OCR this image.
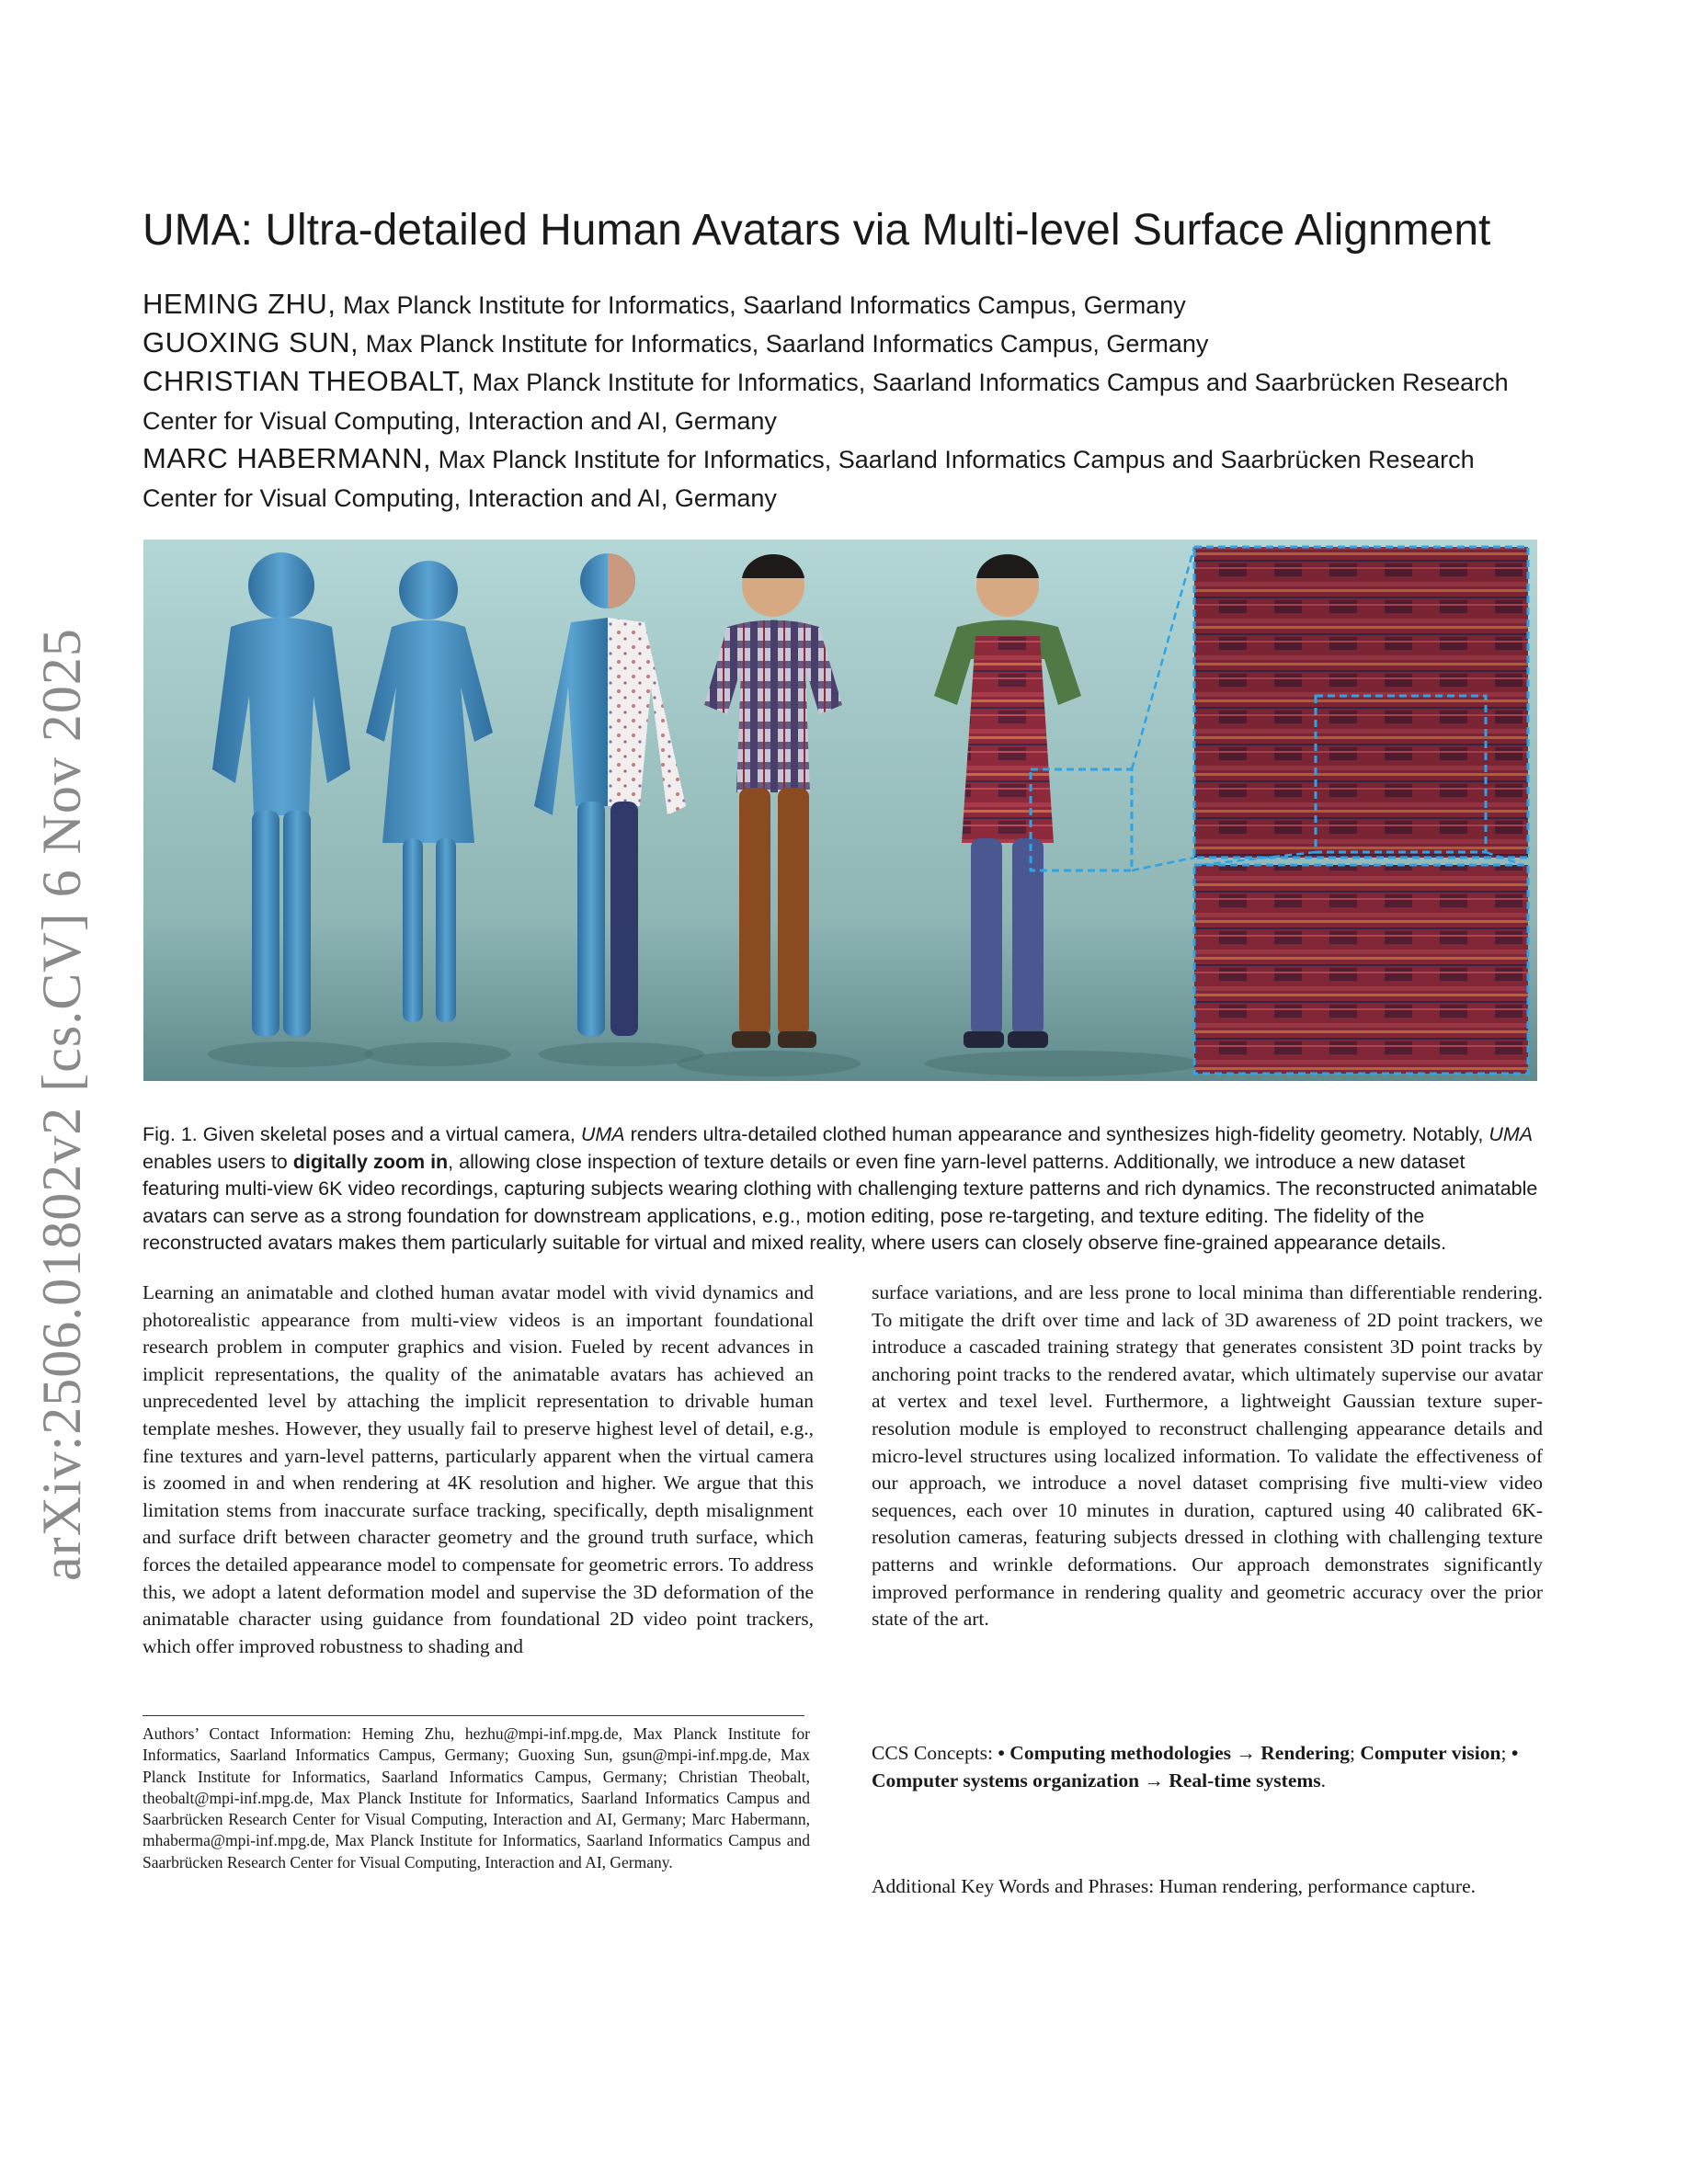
arXiv:2506.01802v2 [cs.CV] 6 Nov 2025
UMA: Ultra-detailed Human Avatars via Multi-level Surface Alignment
HEMING ZHU, Max Planck Institute for Informatics, Saarland Informatics Campus, Germany
GUOXING SUN, Max Planck Institute for Informatics, Saarland Informatics Campus, Germany
CHRISTIAN THEOBALT, Max Planck Institute for Informatics, Saarland Informatics Campus and Saarbrücken Research
Center for Visual Computing, Interaction and AI, Germany
MARC HABERMANN, Max Planck Institute for Informatics, Saarland Informatics Campus and Saarbrücken Research
Center for Visual Computing, Interaction and AI, Germany
Fig. 1. Given skeletal poses and a virtual camera, UMA renders ultra-detailed clothed human appearance and synthesizes high-fidelity geometry. Notably, UMA enables users to digitally zoom in, allowing close inspection of texture details or even fine yarn-level patterns. Additionally, we introduce a new dataset featuring multi-view 6K video recordings, capturing subjects wearing clothing with challenging texture patterns and rich dynamics. The reconstructed animatable avatars can serve as a strong foundation for downstream applications, e.g., motion editing, pose re-targeting, and texture editing. The fidelity of the reconstructed avatars makes them particularly suitable for virtual and mixed reality, where users can closely observe fine-grained appearance details.
Learning an animatable and clothed human avatar model with vivid dynamics and photorealistic appearance from multi-view videos is an important foundational research problem in computer graphics and vision. Fueled by recent advances in implicit representations, the quality of the animatable avatars has achieved an unprecedented level by attaching the implicit representation to drivable human template meshes. However, they usually fail to preserve highest level of detail, e.g., fine textures and yarn-level patterns, particularly apparent when the virtual camera is zoomed in and when rendering at 4K resolution and higher. We argue that this limitation stems from inaccurate surface tracking, specifically, depth misalignment and surface drift between character geometry and the ground truth surface, which forces the detailed appearance model to compensate for geometric errors. To address this, we adopt a latent deformation model and supervise the 3D deformation of the animatable character using guidance from foundational 2D video point trackers, which offer improved robustness to shading and
surface variations, and are less prone to local minima than differentiable rendering. To mitigate the drift over time and lack of 3D awareness of 2D point trackers, we introduce a cascaded training strategy that generates consistent 3D point tracks by anchoring point tracks to the rendered avatar, which ultimately supervise our avatar at vertex and texel level. Furthermore, a lightweight Gaussian texture super-resolution module is employed to reconstruct challenging appearance details and micro-level structures using localized information. To validate the effectiveness of our approach, we introduce a novel dataset comprising five multi-view video sequences, each over 10 minutes in duration, captured using 40 calibrated 6K-resolution cameras, featuring subjects dressed in clothing with challenging texture patterns and wrinkle deformations. Our approach demonstrates significantly improved performance in rendering quality and geometric accuracy over the prior state of the art.
Authors’ Contact Information: Heming Zhu, hezhu@mpi-inf.mpg.de, Max Planck Institute for Informatics, Saarland Informatics Campus, Germany; Guoxing Sun, gsun@mpi-inf.mpg.de, Max Planck Institute for Informatics, Saarland Informatics Campus, Germany; Christian Theobalt, theobalt@mpi-inf.mpg.de, Max Planck Institute for Informatics, Saarland Informatics Campus and Saarbrücken Research Center for Visual Computing, Interaction and AI, Germany; Marc Habermann, mhaberma@mpi-inf.mpg.de, Max Planck Institute for Informatics, Saarland Informatics Campus and Saarbrücken Research Center for Visual Computing, Interaction and AI, Germany.
CCS Concepts: • Computing methodologies → Rendering; Computer vision; • Computer systems organization → Real-time systems.
Additional Key Words and Phrases: Human rendering, performance capture.
